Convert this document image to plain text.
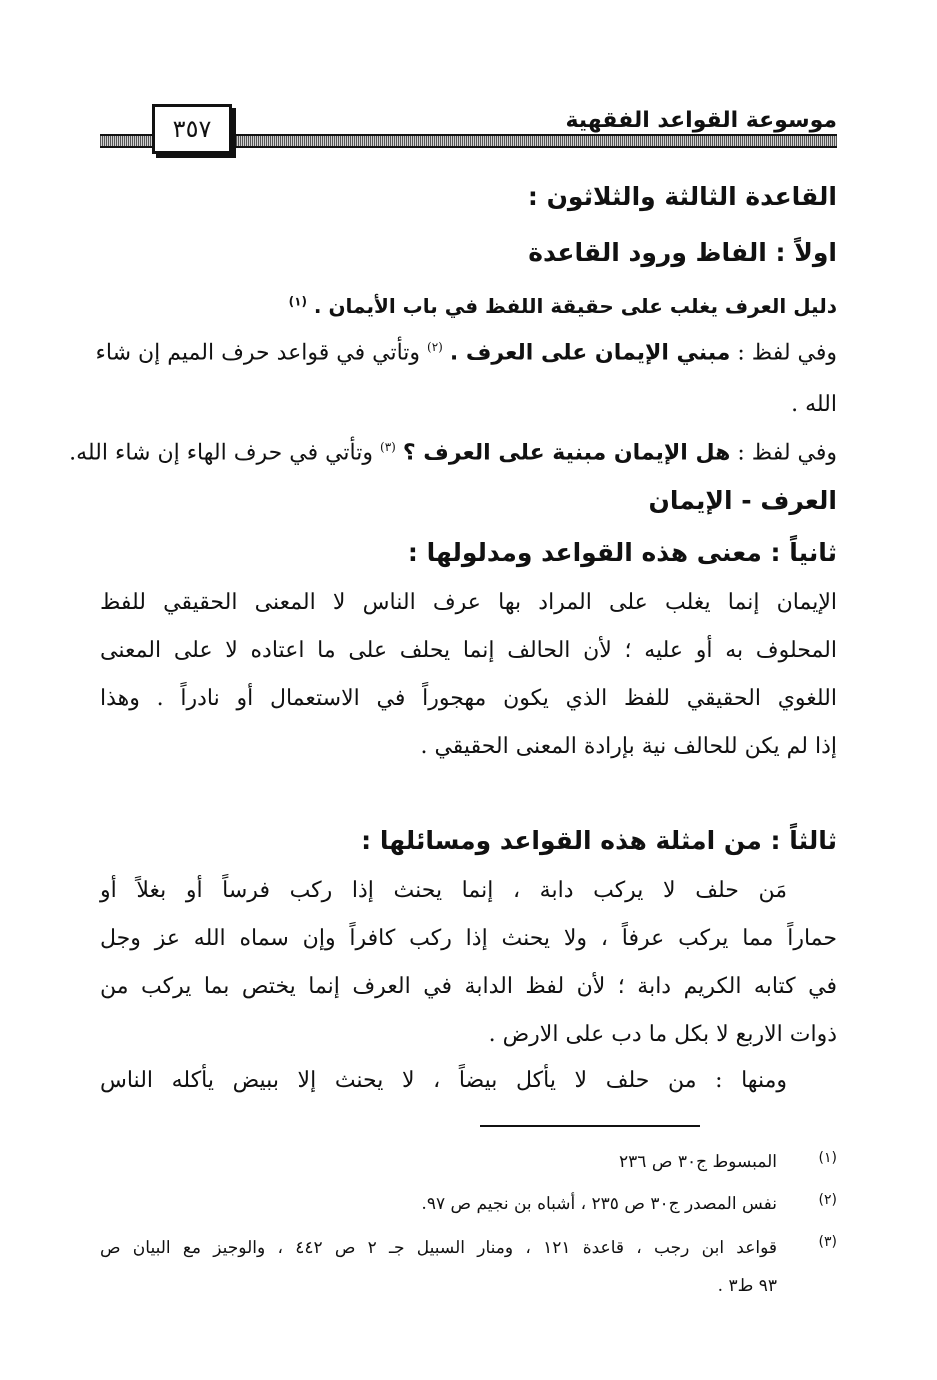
موسوعة القواعد الفقهية
٣٥٧
القاعدة الثالثة والثلاثون :
اولاً : الفاظ ورود القاعدة
دليل العرف يغلب على حقيقة اللفظ في باب الأيمان . $^{(١)}$
وفي لفظ : مبني الإيمان على العرف . $^{(٢)}$ وتأتي في قواعد حرف الميم إن شاء
الله .
وفي لفظ : هل الإيمان مبنية على العرف ؟ $^{(٣)}$ وتأتي في حرف الهاء إن شاء الله.
العرف - الإيمان
ثانياً : معنى هذه القواعد ومدلولها :
الإيمان إنما يغلب على المراد بها عرف الناس لا المعنى الحقيقي للفظ
المحلوف به أو عليه ؛ لأن الحالف إنما يحلف على ما اعتاده لا على المعنى
اللغوي الحقيقي للفظ الذي يكون مهجوراً في الاستعمال أو نادراً . وهذا
إذا لم يكن للحالف نية بإرادة المعنى الحقيقي .
ثالثاً : من امثلة هذه القواعد ومسائلها :
مَن حلف لا يركب دابة ، إنما يحنث إذا ركب فرساً أو بغلاً أو
حماراً مما يركب عرفاً ، ولا يحنث إذا ركب كافراً وإن سماه الله عز وجل
في كتابه الكريم دابة ؛ لأن لفظ الدابة في العرف إنما يختص بما يركب من
ذوات الاربع لا بكل ما دب على الارض .
ومنها : من حلف لا يأكل بيضاً ، لا يحنث إلا ببيض يأكله الناس
(١)
المبسوط ج٣٠ ص ٢٣٦
(٢)
نفس المصدر ج٣٠ ص ٢٣٥ ، أشباه بن نجيم ص ٩٧.
(٣)
قواعد ابن رجب ، قاعدة ١٢١ ، ومنار السبيل جـ ٢ ص ٤٤٢ ، والوجيز مع البيان ص
٩٣ ط٣ .
